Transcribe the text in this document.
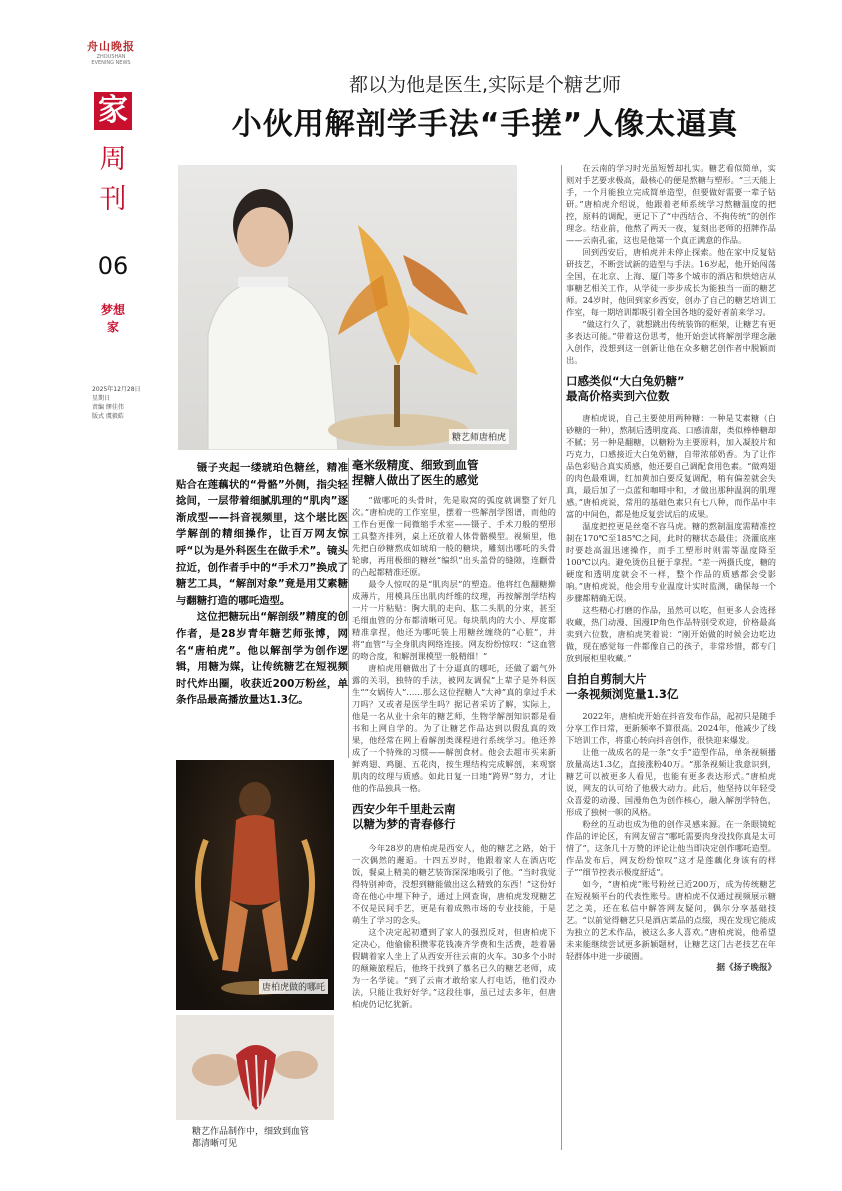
舟山晚报
ZHOUSHAN
EVENING NEWS
家
周刊
06
梦想家
2025年12月28日
星期日
责编 缪佳伟
版式 虞毅皓
都以为他是医生,实际是个糖艺师
小伙用解剖学手法“手搓”人像太逼真
糖艺师唐柏虎

镊子夹起一缕琥珀色糖丝，精准贴合在莲藕状的“骨骼”外侧，指尖轻捻间，一层带着细腻肌理的“肌肉”逐渐成型——抖音视频里，这个堪比医学解剖的精细操作，让百万网友惊呼“以为是外科医生在做手术”。镜头拉近，创作者手中的“手术刀”换成了糖艺工具，“解剖对象”竟是用艾素糖与翻糖打造的哪吒造型。

这位把糖玩出“解剖级”精度的创作者，是28岁青年糖艺师张博，网名“唐柏虎”。他以解剖学为创作逻辑，用糖为媒，让传统糖艺在短视频时代炸出圈，收获近200万粉丝，单条作品最高播放量达1.3亿。

唐柏虎做的哪吒
糖艺作品制作中，细致到血管
都清晰可见
毫米级精度、细致到血管
捏糖人做出了医生的感觉

“做哪吒的头骨时，先是取窝的弧度就调整了好几次。”唐柏虎的工作室里，摆着一些解剖学图谱，而他的工作台更像一间微缩手术室——镊子、手术刀般的塑形工具整齐排列，桌上还放着人体骨骼模型。视频里，他先把白砂糖熬成如琥珀一般的糖块，雕刻出哪吒的头骨轮廓，再用极细的糖丝“编织”出头盖骨的缝隙，连颧骨的凸起都精准还原。

最令人惊叹的是“肌肉层”的塑造。他将红色翻糖擀成薄片，用模具压出肌肉纤维的纹理，再按解剖学结构一片一片粘贴：胸大肌的走向、肱二头肌的分束，甚至毛细血管的分布都清晰可见。每块肌肉的大小、厚度都精准拿捏，他还为哪吒装上用糖丝缠绕的“心脏”，并将“血管”与全身肌肉网络连接。网友纷纷惊叹：“这血管的吻合度，和解剖课模型一般精细！”

唐柏虎用糖做出了十分逼真的哪吒，还做了霸气外露的关羽，独特的手法，被网友调侃“上辈子是外科医生”“女娲传人”……那么这位捏糖人“大神”真的拿过手术刀吗？又或者是医学生吗？据记者采访了解，实际上，他是一名从业十余年的糖艺师，生物学解剖知识都是看书和上网自学的。为了让糖艺作品达到以假乱真的效果，他经常在网上看解剖类课程进行系统学习。他还养成了一个特殊的习惯——解剖食材。他会去超市买来新鲜鸡翅、鸡腿、五花肉，按生理结构完成解剖，来观察肌肉的纹理与质感。如此日复一日地“跨界”努力，才让他的作品独具一格。

西安少年千里赴云南
以糖为梦的青春修行

今年28岁的唐柏虎是西安人，他的糖艺之路，始于一次偶然的邂逅。十四五岁时，他跟着家人在酒店吃饭，餐桌上精美的糖艺装饰深深地吸引了他。“当时我觉得特别神奇，没想到糖能做出这么精致的东西！”这份好奇在他心中埋下种子，通过上网查询，唐柏虎发现糖艺不仅是民间手艺，更是有着成熟市场的专业技能，于是萌生了学习的念头。

这个决定起初遭到了家人的强烈反对，但唐柏虎下定决心，他偷偷积攒零花钱凑齐学费和生活费，趁着暑假瞒着家人坐上了从西安开往云南的火车。30多个小时的颠簸旅程后，他终于找到了慕名已久的糖艺老师，成为一名学徒。“到了云南才敢给家人打电话，他们没办法，只能让我好好学。”这段往事，虽已过去多年，但唐柏虎仍记忆犹新。

在云南的学习时光虽短暂却扎实。糖艺看似简单，实则对手艺要求极高，最核心的便是熬糖与塑形。“三天能上手，一个月能独立完成简单造型，但要做好需要一辈子钻研。”唐柏虎介绍说，他跟着老师系统学习熬糖温度的把控，原料的调配，更记下了“中西结合、不拘传统”的创作理念。结业前，他熬了两天一夜，复刻出老师的招牌作品——云南孔雀，这也是他第一个真正满意的作品。

回到西安后，唐柏虎并未停止探索。他在家中反复钻研技艺，不断尝试新的造型与手法。16岁起，他开始闯荡全国，在北京、上海、厦门等多个城市的酒店和烘焙店从事糖艺相关工作，从学徒一步步成长为能独当一面的糖艺师。24岁时，他回到家乡西安，创办了自己的糖艺培训工作室，每一期培训都吸引着全国各地的爱好者前来学习。

“做这行久了，就想跳出传统装饰的框架，让糖艺有更多表达可能。”带着这份思考，他开始尝试将解剖学理念融入创作，没想到这一创新让他在众多糖艺创作者中脱颖而出。

口感类似“大白兔奶糖”
最高价格卖到六位数

唐柏虎说，自己主要使用两种糖：一种是艾素糖（白砂糖的一种），熬制后透明度高、口感清甜，类似棒棒糖却不腻；另一种是翻糖，以糖粉为主要原料，加入凝胶片和巧克力，口感接近大白兔奶糖，自带浓郁奶香。为了让作品色彩贴合真实质感，他还要自己调配食用色素。“做鸡翅的肉色最难调，红加黄加白要反复调配，稍有偏差就会失真，最后加了一点蓝和咖啡中和，才做出那种温润的肌理感。”唐柏虎说，常用的基础色素只有七八种，而作品中丰富的中间色，都是他反复尝试后的成果。

温度把控更是丝毫不容马虎。糖的熬制温度需精准控制在170℃至185℃之间，此时的糖状态最佳；浇灌底座时要趁高温迅速操作，而手工塑形时则需等温度降至100℃以内。避免烫伤且便于拿捏。“差一两摄氏度，糖的硬度和透明度就会不一样，整个作品的质感都会受影响。”唐柏虎说，他会用专业温度计实时监测，确保每一个步骤都精确无误。

这些精心打磨的作品，虽然可以吃，但更多人会选择收藏，热门动漫、国漫IP角色作品特别受欢迎，价格最高卖到六位数，唐柏虎笑着说：“刚开始做的时候会边吃边做，现在感觉每一件都像自己的孩子，非常珍惜，都专门放到展柜里收藏。”

自拍自剪制大片
一条视频浏览量1.3亿

2022年，唐柏虎开始在抖音发布作品，起初只是随手分享工作日常，更新频率不算很高。2024年，他减少了线下培训工作，将重心转向抖音创作，很快迎来爆发。

让他一战成名的是一条“女手”造型作品，单条视频播放量高达1.3亿，直接涨粉40万。“那条视频让我意识到，糖艺可以被更多人看见，也能有更多表达形式。”唐柏虎说，网友的认可给了他极大动力。此后，他坚持以年轻受众喜爱的动漫、国漫角色为创作核心，融入解剖学特色，形成了独树一帜的风格。

粉丝的互动也成为他的创作灵感来源。在一条眼镜蛇作品的评论区，有网友留言“哪吒需要肉身没找你真是太可惜了”，这条几十万赞的评论让他当即决定创作哪吒造型。作品发布后，网友纷纷惊叹“这才是莲藕化身该有的样子”“细节控表示极度舒适”。

如今，“唐柏虎”账号粉丝已近200万，成为传统糖艺在短视频平台的代表性账号。唐柏虎不仅通过视频展示糖艺之美，还在私信中解答网友疑问，偶尔分享基础技艺。“以前觉得糖艺只是酒店菜品的点缀，现在发现它能成为独立的艺术作品，被这么多人喜欢。”唐柏虎说，他希望未来能继续尝试更多新颖题材，让糖艺这门古老技艺在年轻群体中进一步破圈。

据《扬子晚报》
